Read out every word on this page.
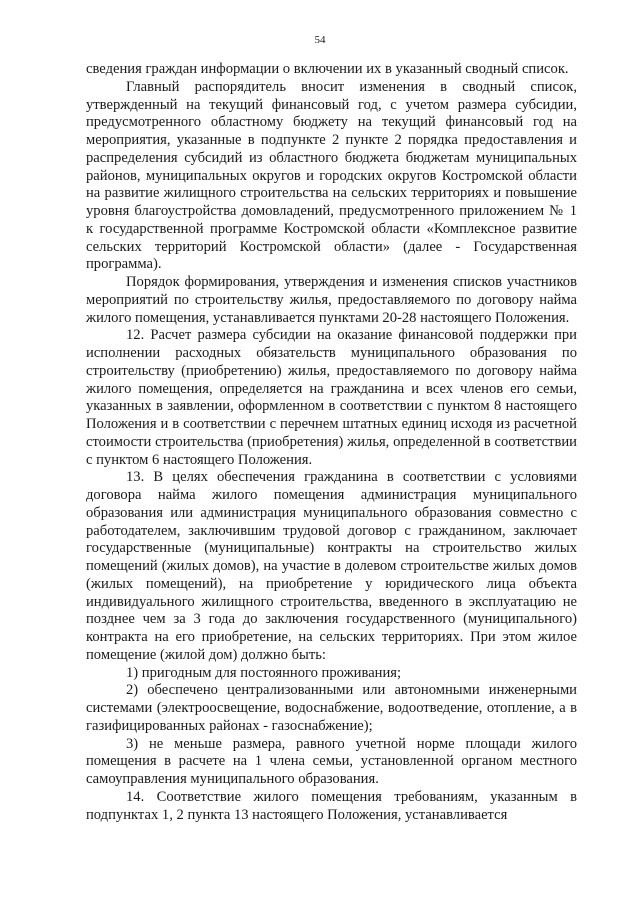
54

сведения граждан информации о включении их в указанный сводный список.

Главный распорядитель вносит изменения в сводный список, утвержденный на текущий финансовый год, с учетом размера субсидии, предусмотренного областному бюджету на текущий финансовый год на мероприятия, указанные в подпункте 2 пункте 2 порядка предоставления и распределения субсидий из областного бюджета бюджетам муниципальных районов, муниципальных округов и городских округов Костромской области на развитие жилищного строительства на сельских территориях и повышение уровня благоустройства домовладений, предусмотренного приложением № 1 к государственной программе Костромской области «Комплексное развитие сельских территорий Костромской области» (далее - Государственная программа).

Порядок формирования, утверждения и изменения списков участников мероприятий по строительству жилья, предоставляемого по договору найма жилого помещения, устанавливается пунктами 20-28 настоящего Положения.

12. Расчет размера субсидии на оказание финансовой поддержки при исполнении расходных обязательств муниципального образования по строительству (приобретению) жилья, предоставляемого по договору найма жилого помещения, определяется на гражданина и всех членов его семьи, указанных в заявлении, оформленном в соответствии с пунктом 8 настоящего Положения и в соответствии с перечнем штатных единиц исходя из расчетной стоимости строительства (приобретения) жилья, определенной в соответствии с пунктом 6 настоящего Положения.

13. В целях обеспечения гражданина в соответствии с условиями договора найма жилого помещения администрация муниципального образования или администрация муниципального образования совместно с работодателем, заключившим трудовой договор с гражданином, заключает государственные (муниципальные) контракты на строительство жилых помещений (жилых домов), на участие в долевом строительстве жилых домов (жилых помещений), на приобретение у юридического лица объекта индивидуального жилищного строительства, введенного в эксплуатацию не позднее чем за 3 года до заключения государственного (муниципального) контракта на его приобретение, на сельских территориях. При этом жилое помещение (жилой дом) должно быть:

1) пригодным для постоянного проживания;

2) обеспечено централизованными или автономными инженерными системами (электроосвещение, водоснабжение, водоотведение, отопление, а в газифицированных районах - газоснабжение);

3) не меньше размера, равного учетной норме площади жилого помещения в расчете на 1 члена семьи, установленной органом местного самоуправления муниципального образования.

14. Соответствие жилого помещения требованиям, указанным в подпунктах 1, 2 пункта 13 настоящего Положения, устанавливается
